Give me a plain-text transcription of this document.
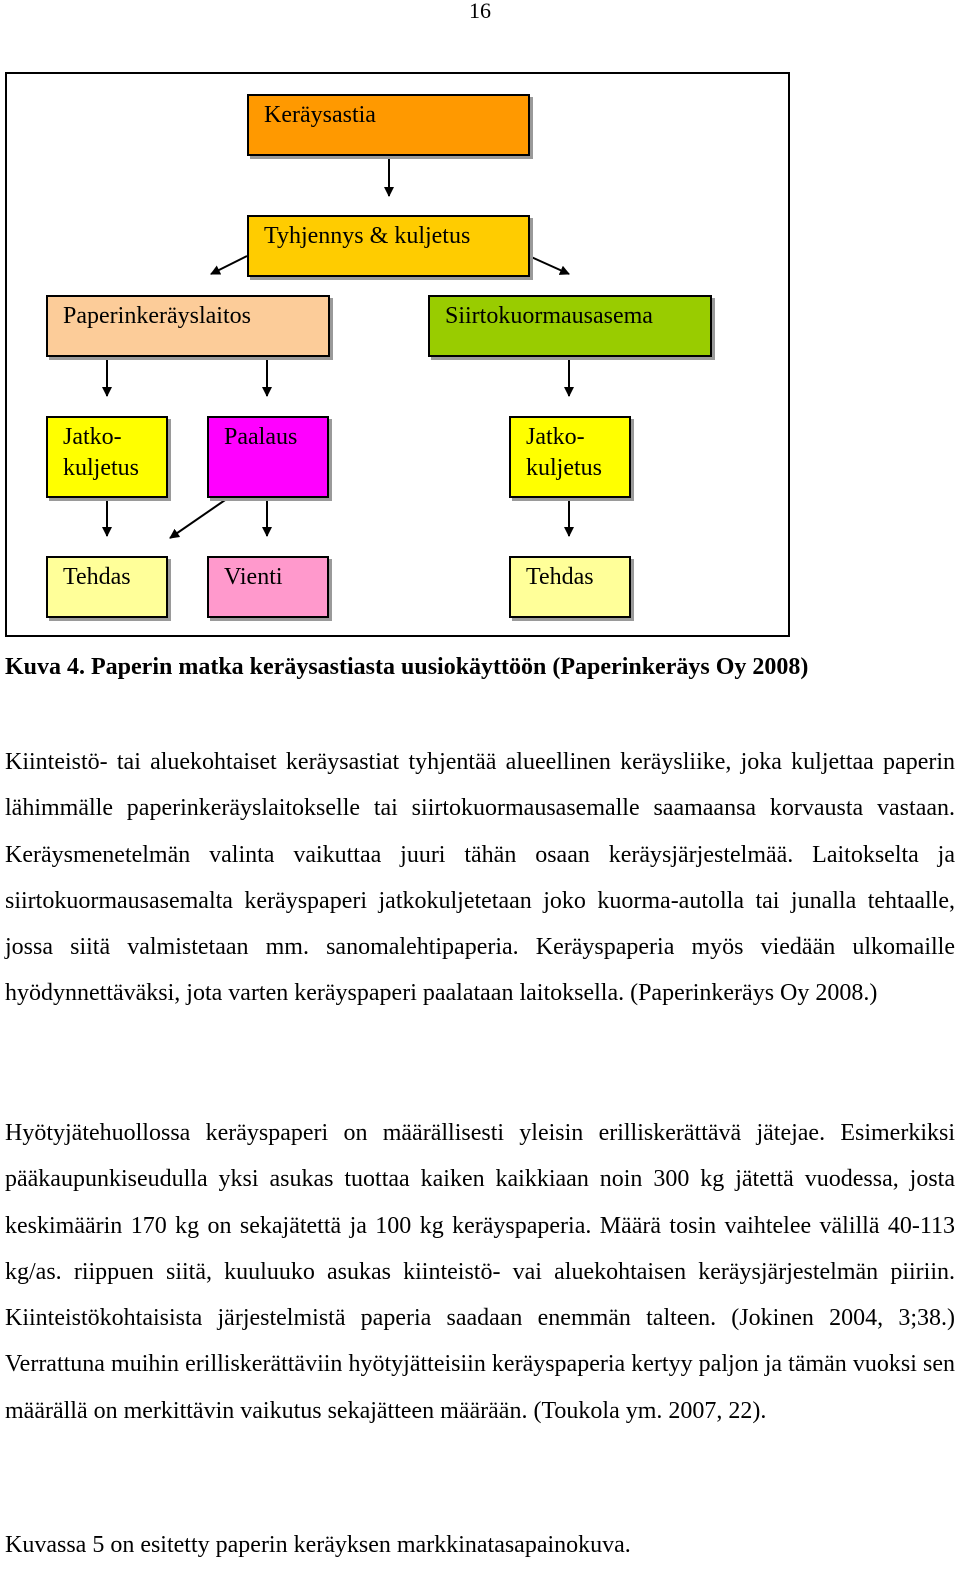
16
Keräysastia
Tyhjennys & kuljetus
Paperinkeräyslaitos	Siirtokuormausasema
Jatko-
kuljetus
Paalaus	Jatko-
kuljetus
Tehdas	Vienti	Tehdas
Kuva 4. Paperin matka keräysastiasta uusiokäyttöön (Paperinkeräys Oy 2008)

Kiinteistö- tai aluekohtaiset keräysastiat tyhjentää alueellinen keräysliike, joka kuljettaa paperin lähimmälle paperinkeräyslaitokselle tai siirtokuormausasemalle saamaansa korvausta vastaan. Keräysmenetelmän valinta vaikuttaa juuri tähän osaan keräysjärjestelmää. Laitokselta ja siirtokuormausasemalta keräyspaperi jatkokuljetetaan joko kuorma-autolla tai junalla tehtaalle, jossa siitä valmistetaan mm. sanomalehtipaperia. Keräyspaperia myös viedään ulkomaille hyödynnettäväksi, jota varten keräyspaperi paalataan laitoksella. (Paperinkeräys Oy 2008.)

Hyötyjätehuollossa keräyspaperi on määrällisesti yleisin erilliskerättävä jätejae. Esimerkiksi pääkaupunkiseudulla yksi asukas tuottaa kaiken kaikkiaan noin 300 kg jätettä vuodessa, josta keskimäärin 170 kg on sekajätettä ja 100 kg keräyspaperia. Määrä tosin vaihtelee välillä 40-113 kg/as. riippuen siitä, kuuluuko asukas kiinteistö- vai aluekohtaisen keräysjärjestelmän piiriin. Kiinteistökohtaisista järjestelmistä paperia saadaan enemmän talteen. (Jokinen 2004, 3;38.) Verrattuna muihin erilliskerättäviin hyötyjätteisiin keräyspaperia kertyy paljon ja tämän vuoksi sen määrällä on merkittävin vaikutus sekajätteen määrään. (Toukola ym. 2007, 22).

Kuvassa 5 on esitetty paperin keräyksen markkinatasapainokuva.
